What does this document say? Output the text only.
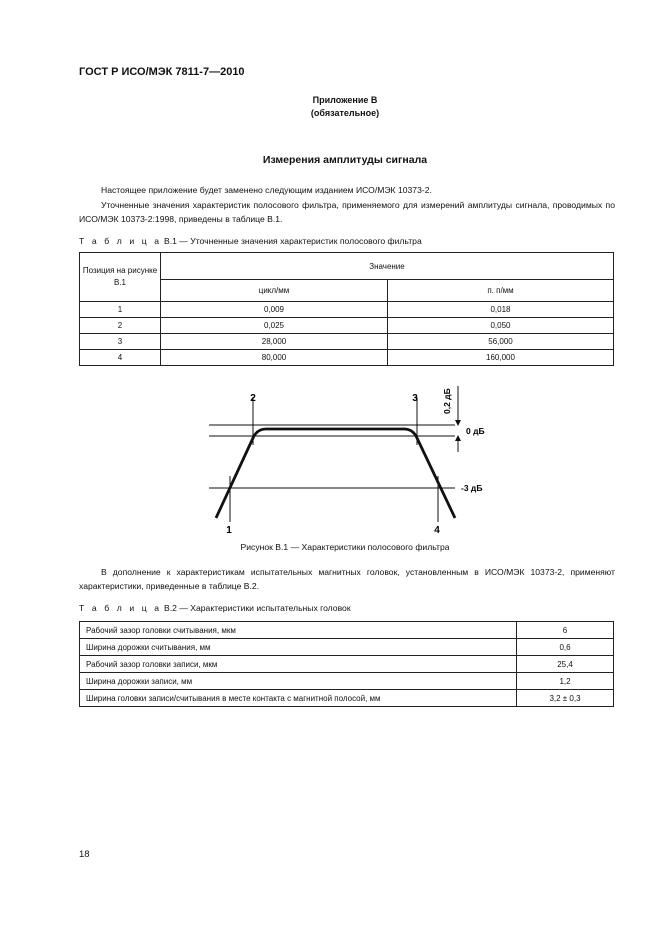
ГОСТ Р ИСО/МЭК 7811-7—2010
Приложение В
(обязательное)
Измерения амплитуды сигнала
Настоящее приложение будет заменено следующим изданием ИСО/МЭК 10373-2.
Уточненные значения характеристик полосового фильтра, применяемого для измерений амплитуды сигнала, проводимых по ИСО/МЭК 10373-2:1998, приведены в таблице В.1.
Т а б л и ц а В.1 — Уточненные значения характеристик полосового фильтра
Позиция на рисунке В.1	Значение	
	цикл/мм	п. п/мм
1	0,009	0,018
2	0,025	0,050
3	28,000	56,000
4	80,000	160,000
2	3
1	4
0 дБ
-3 дБ
0,2 дБ
Рисунок В.1 — Характеристики полосового фильтра
В дополнение к характеристикам испытательных магнитных головок, установленным в ИСО/МЭК 10373-2, применяют характеристики, приведенные в таблице В.2.
Т а б л и ц а В.2 — Характеристики испытательных головок
Рабочий зазор головки считывания, мкм	6
Ширина дорожки считывания, мм	0,6
Рабочий зазор головки записи, мкм	25,4
Ширина дорожки записи, мм	1,2
Ширина головки записи/считывания в месте контакта с магнитной полосой, мм	3,2 ± 0,3
18
